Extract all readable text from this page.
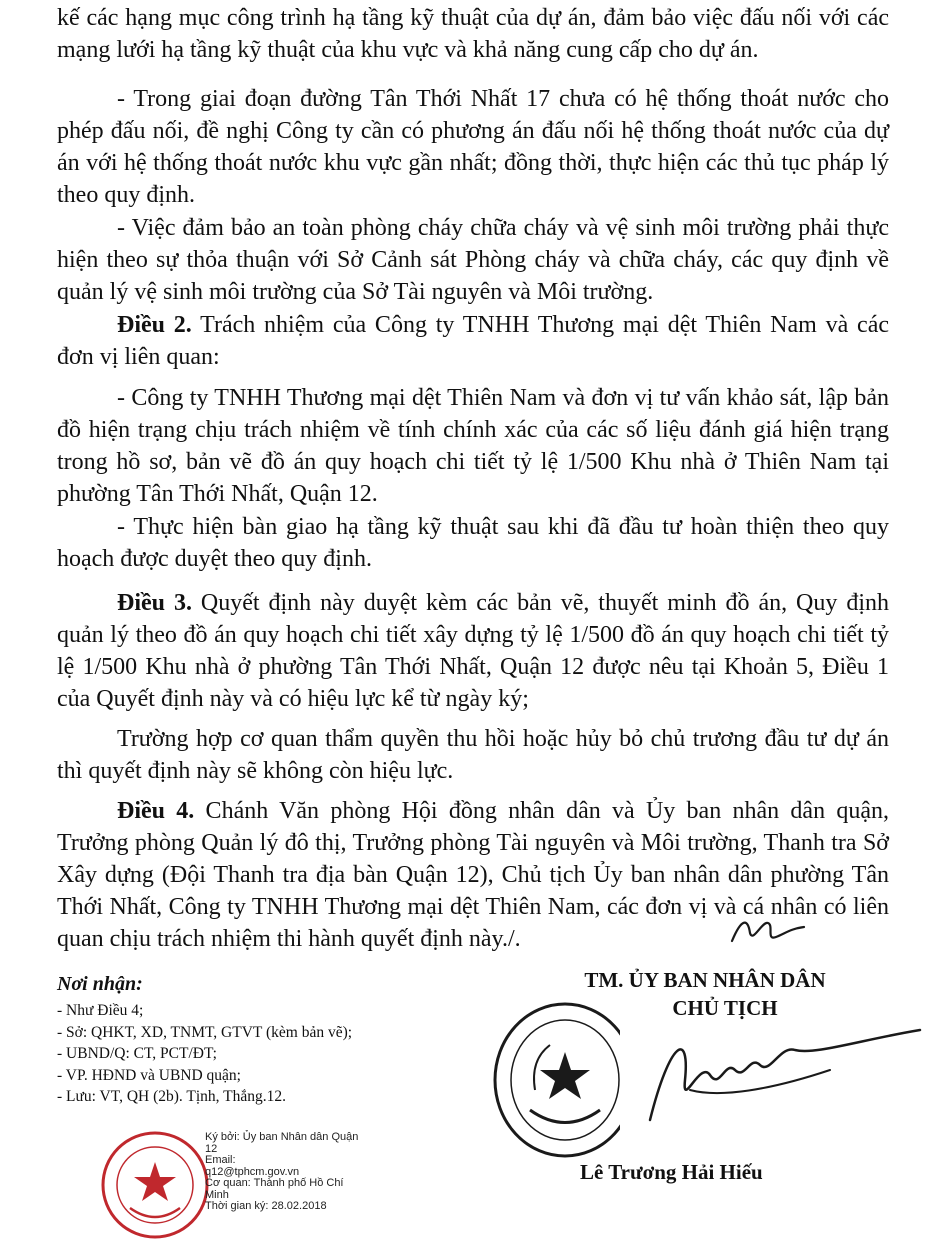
kế các hạng mục công trình hạ tầng kỹ thuật của dự án, đảm bảo việc đấu nối với các mạng lưới hạ tầng kỹ thuật của khu vực và khả năng cung cấp cho dự án.

- Trong giai đoạn đường Tân Thới Nhất 17 chưa có hệ thống thoát nước cho phép đấu nối, đề nghị Công ty cần có phương án đấu nối hệ thống thoát nước của dự án với hệ thống thoát nước khu vực gần nhất; đồng thời, thực hiện các thủ tục pháp lý theo quy định.

- Việc đảm bảo an toàn phòng cháy chữa cháy và vệ sinh môi trường phải thực hiện theo sự thỏa thuận với Sở Cảnh sát Phòng cháy và chữa cháy, các quy định về quản lý vệ sinh môi trường của Sở Tài nguyên và Môi trường.

Điều 2. Trách nhiệm của Công ty TNHH Thương mại dệt Thiên Nam và các đơn vị liên quan:

- Công ty TNHH Thương mại dệt Thiên Nam và đơn vị tư vấn khảo sát, lập bản đồ hiện trạng chịu trách nhiệm về tính chính xác của các số liệu đánh giá hiện trạng trong hồ sơ, bản vẽ đồ án quy hoạch chi tiết tỷ lệ 1/500 Khu nhà ở Thiên Nam tại phường Tân Thới Nhất, Quận 12.

- Thực hiện bàn giao hạ tầng kỹ thuật sau khi đã đầu tư hoàn thiện theo quy hoạch được duyệt theo quy định.

Điều 3. Quyết định này duyệt kèm các bản vẽ, thuyết minh đồ án, Quy định quản lý theo đồ án quy hoạch chi tiết xây dựng tỷ lệ 1/500 đồ án quy hoạch chi tiết tỷ lệ 1/500 Khu nhà ở phường Tân Thới Nhất, Quận 12 được nêu tại Khoản 5, Điều 1 của Quyết định này và có hiệu lực kể từ ngày ký;

Trường hợp cơ quan thẩm quyền thu hồi hoặc hủy bỏ chủ trương đầu tư dự án thì quyết định này sẽ không còn hiệu lực.

Điều 4. Chánh Văn phòng Hội đồng nhân dân và Ủy ban nhân dân quận, Trưởng phòng Quản lý đô thị, Trưởng phòng Tài nguyên và Môi trường, Thanh tra Sở Xây dựng (Đội Thanh tra địa bàn Quận 12), Chủ tịch Ủy ban nhân dân phường Tân Thới Nhất, Công ty TNHH Thương mại dệt Thiên Nam, các đơn vị và cá nhân có liên quan chịu trách nhiệm thi hành quyết định này./.

Nơi nhận:

- Như Điều 4;

- Sở: QHKT, XD, TNMT, GTVT (kèm bản vẽ);

- UBND/Q: CT, PCT/ĐT;

- VP. HĐND và UBND quận;

- Lưu: VT, QH (2b). Tịnh, Thắng.12.

TM. ỦY BAN NHÂN DÂN

CHỦ TỊCH

Lê Trương Hải Hiếu

Ký bởi: Ủy ban Nhân dân Quận 12

Email:

q12@tphcm.gov.vn

Cơ quan: Thành phố Hồ Chí Minh

Thời gian ký: 28.02.2018
